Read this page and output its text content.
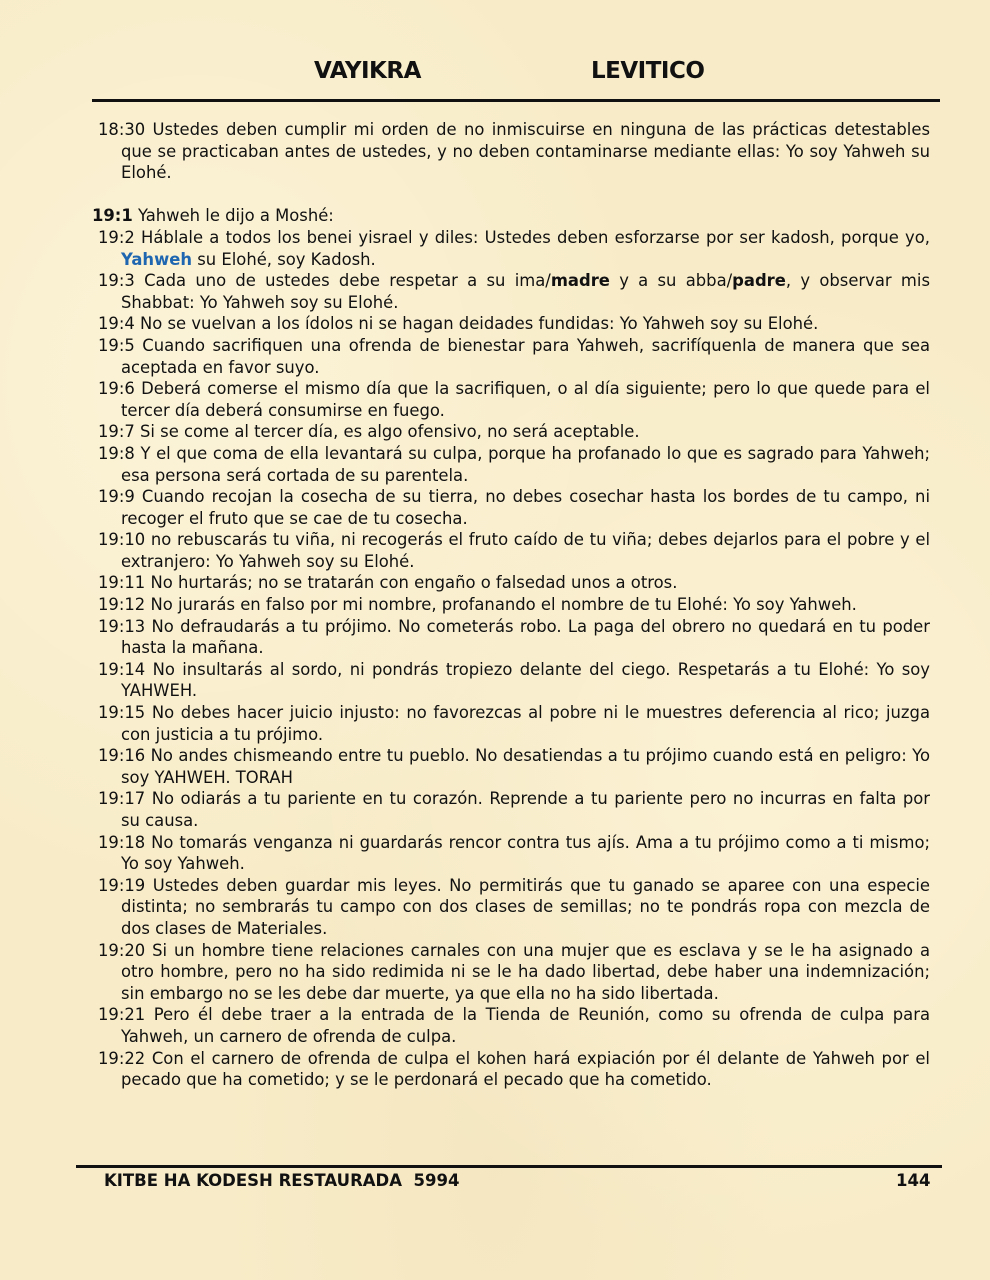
VAYIKRA	LEVITICO

18:30 Ustedes deben cumplir mi orden de no inmiscuirse en ninguna de las prácticas detestables que se practicaban antes de ustedes, y no deben contaminarse mediante ellas: Yo soy Yahweh su Elohé.

19:1 Yahweh le dijo a Moshé:

19:2 Háblale a todos los benei yisrael y diles: Ustedes deben esforzarse por ser kadosh, porque yo, Yahweh su Elohé, soy Kadosh.

19:3 Cada uno de ustedes debe respetar a su ima/madre y a su abba/padre, y observar mis Shabbat: Yo Yahweh soy su Elohé.

19:4 No se vuelvan a los ídolos ni se hagan deidades fundidas: Yo Yahweh soy su Elohé.

19:5 Cuando sacrifiquen una ofrenda de bienestar para Yahweh, sacrifíquenla de manera que sea aceptada en favor suyo.

19:6 Deberá comerse el mismo día que la sacrifiquen, o al día siguiente; pero lo que quede para el tercer día deberá consumirse en fuego.

19:7 Si se come al tercer día, es algo ofensivo, no será aceptable.

19:8 Y el que coma de ella levantará su culpa, porque ha profanado lo que es sagrado para Yahweh; esa persona será cortada de su parentela.

19:9 Cuando recojan la cosecha de su tierra, no debes cosechar hasta los bordes de tu campo, ni recoger el fruto que se cae de tu cosecha.

19:10 no rebuscarás tu viña, ni recogerás el fruto caído de tu viña; debes dejarlos para el pobre y el extranjero: Yo Yahweh soy su Elohé.

19:11 No hurtarás; no se tratarán con engaño o falsedad unos a otros.

19:12 No jurarás en falso por mi nombre, profanando el nombre de tu Elohé: Yo soy Yahweh.

19:13 No defraudarás a tu prójimo. No cometerás robo. La paga del obrero no quedará en tu poder hasta la mañana.

19:14 No insultarás al sordo, ni pondrás tropiezo delante del ciego. Respetarás a tu Elohé: Yo soy YAHWEH.

19:15 No debes hacer juicio injusto: no favorezcas al pobre ni le muestres deferencia al rico; juzga con justicia a tu prójimo.

19:16 No andes chismeando entre tu pueblo. No desatiendas a tu prójimo cuando está en peligro: Yo soy YAHWEH. TORAH

19:17 No odiarás a tu pariente en tu corazón. Reprende a tu pariente pero no incurras en falta por su causa.

19:18 No tomarás venganza ni guardarás rencor contra tus ajís. Ama a tu prójimo como a ti mismo; Yo soy Yahweh.

19:19 Ustedes deben guardar mis leyes. No permitirás que tu ganado se aparee con una especie distinta; no sembrarás tu campo con dos clases de semillas; no te pondrás ropa con mezcla de dos clases de Materiales.

19:20 Si un hombre tiene relaciones carnales con una mujer que es esclava y se le ha asignado a otro hombre, pero no ha sido redimida ni se le ha dado libertad, debe haber una indemnización; sin embargo no se les debe dar muerte, ya que ella no ha sido libertada.

19:21 Pero él debe traer a la entrada de la Tienda de Reunión, como su ofrenda de culpa para Yahweh, un carnero de ofrenda de culpa.

19:22 Con el carnero de ofrenda de culpa el kohen hará expiación por él delante de Yahweh por el pecado que ha cometido; y se le perdonará el pecado que ha cometido.

KITBE HA KODESH RESTAURADA  5994	144
